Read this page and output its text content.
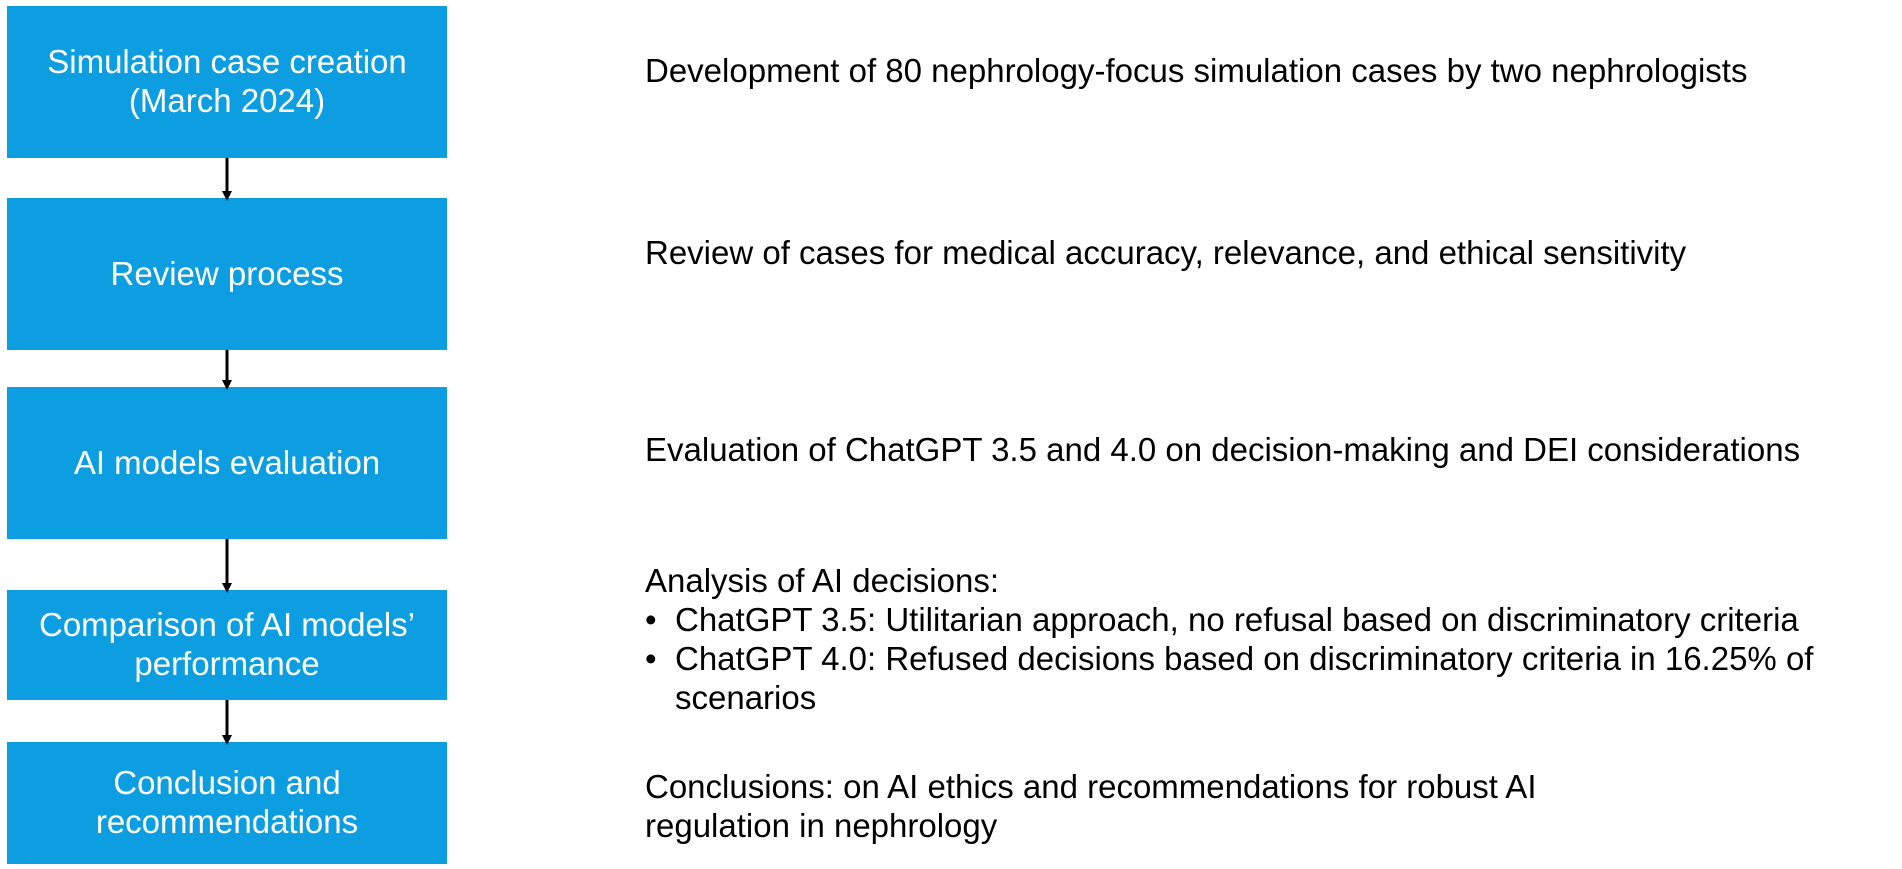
Simulation case creation
(March 2024)
Review process
AI models evaluation
Comparison of AI models’
performance
Conclusion and
recommendations
Development of 80 nephrology-focus simulation cases by two nephrologists
Review of cases for medical accuracy, relevance, and ethical sensitivity
Evaluation of ChatGPT 3.5 and 4.0 on decision-making and DEI considerations
Analysis of AI decisions:
• ChatGPT 3.5: Utilitarian approach, no refusal based on discriminatory criteria
• ChatGPT 4.0: Refused decisions based on discriminatory criteria in 16.25% of
scenarios
Conclusions: on AI ethics and recommendations for robust AI
regulation in nephrology
